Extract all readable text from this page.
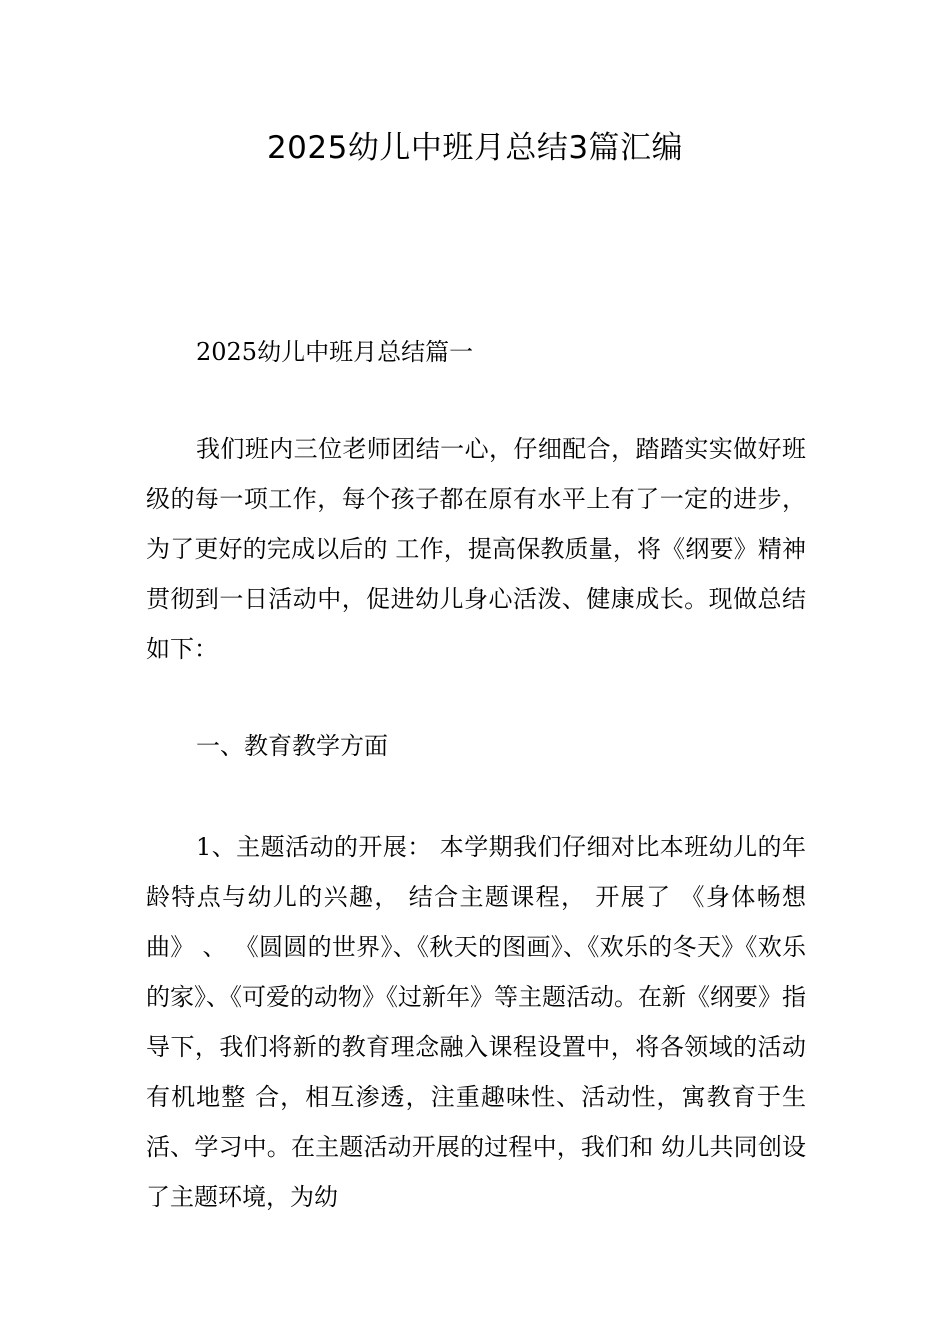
2025幼儿中班月总结3篇汇编

2025幼儿中班月总结篇一

我们班内三位老师团结一心，仔细配合，踏踏实实做好班级的每一项工作，每个孩子都在原有水平上有了一定的进步，为了更好的完成以后的 工作，提高保教质量，将《纲要》精神贯彻到一日活动中，促进幼儿身心活泼、健康成长。现做总结如下：

一、教育教学方面

1、主题活动的开展： 本学期我们仔细对比本班幼儿的年龄特点与幼儿的兴趣， 结合主题课程， 开展了 《身体畅想曲》 、 《圆圆的世界》、《秋天的图画》、《欢乐的冬天》《欢乐的家》、《可爱的动物》《过新年》等主题活动。在新《纲要》指导下，我们将新的教育理念融入课程设置中，将各领域的活动有机地整 合，相互渗透，注重趣味性、活动性，寓教育于生活、学习中。在主题活动开展的过程中，我们和 幼儿共同创设了主题环境，为幼
